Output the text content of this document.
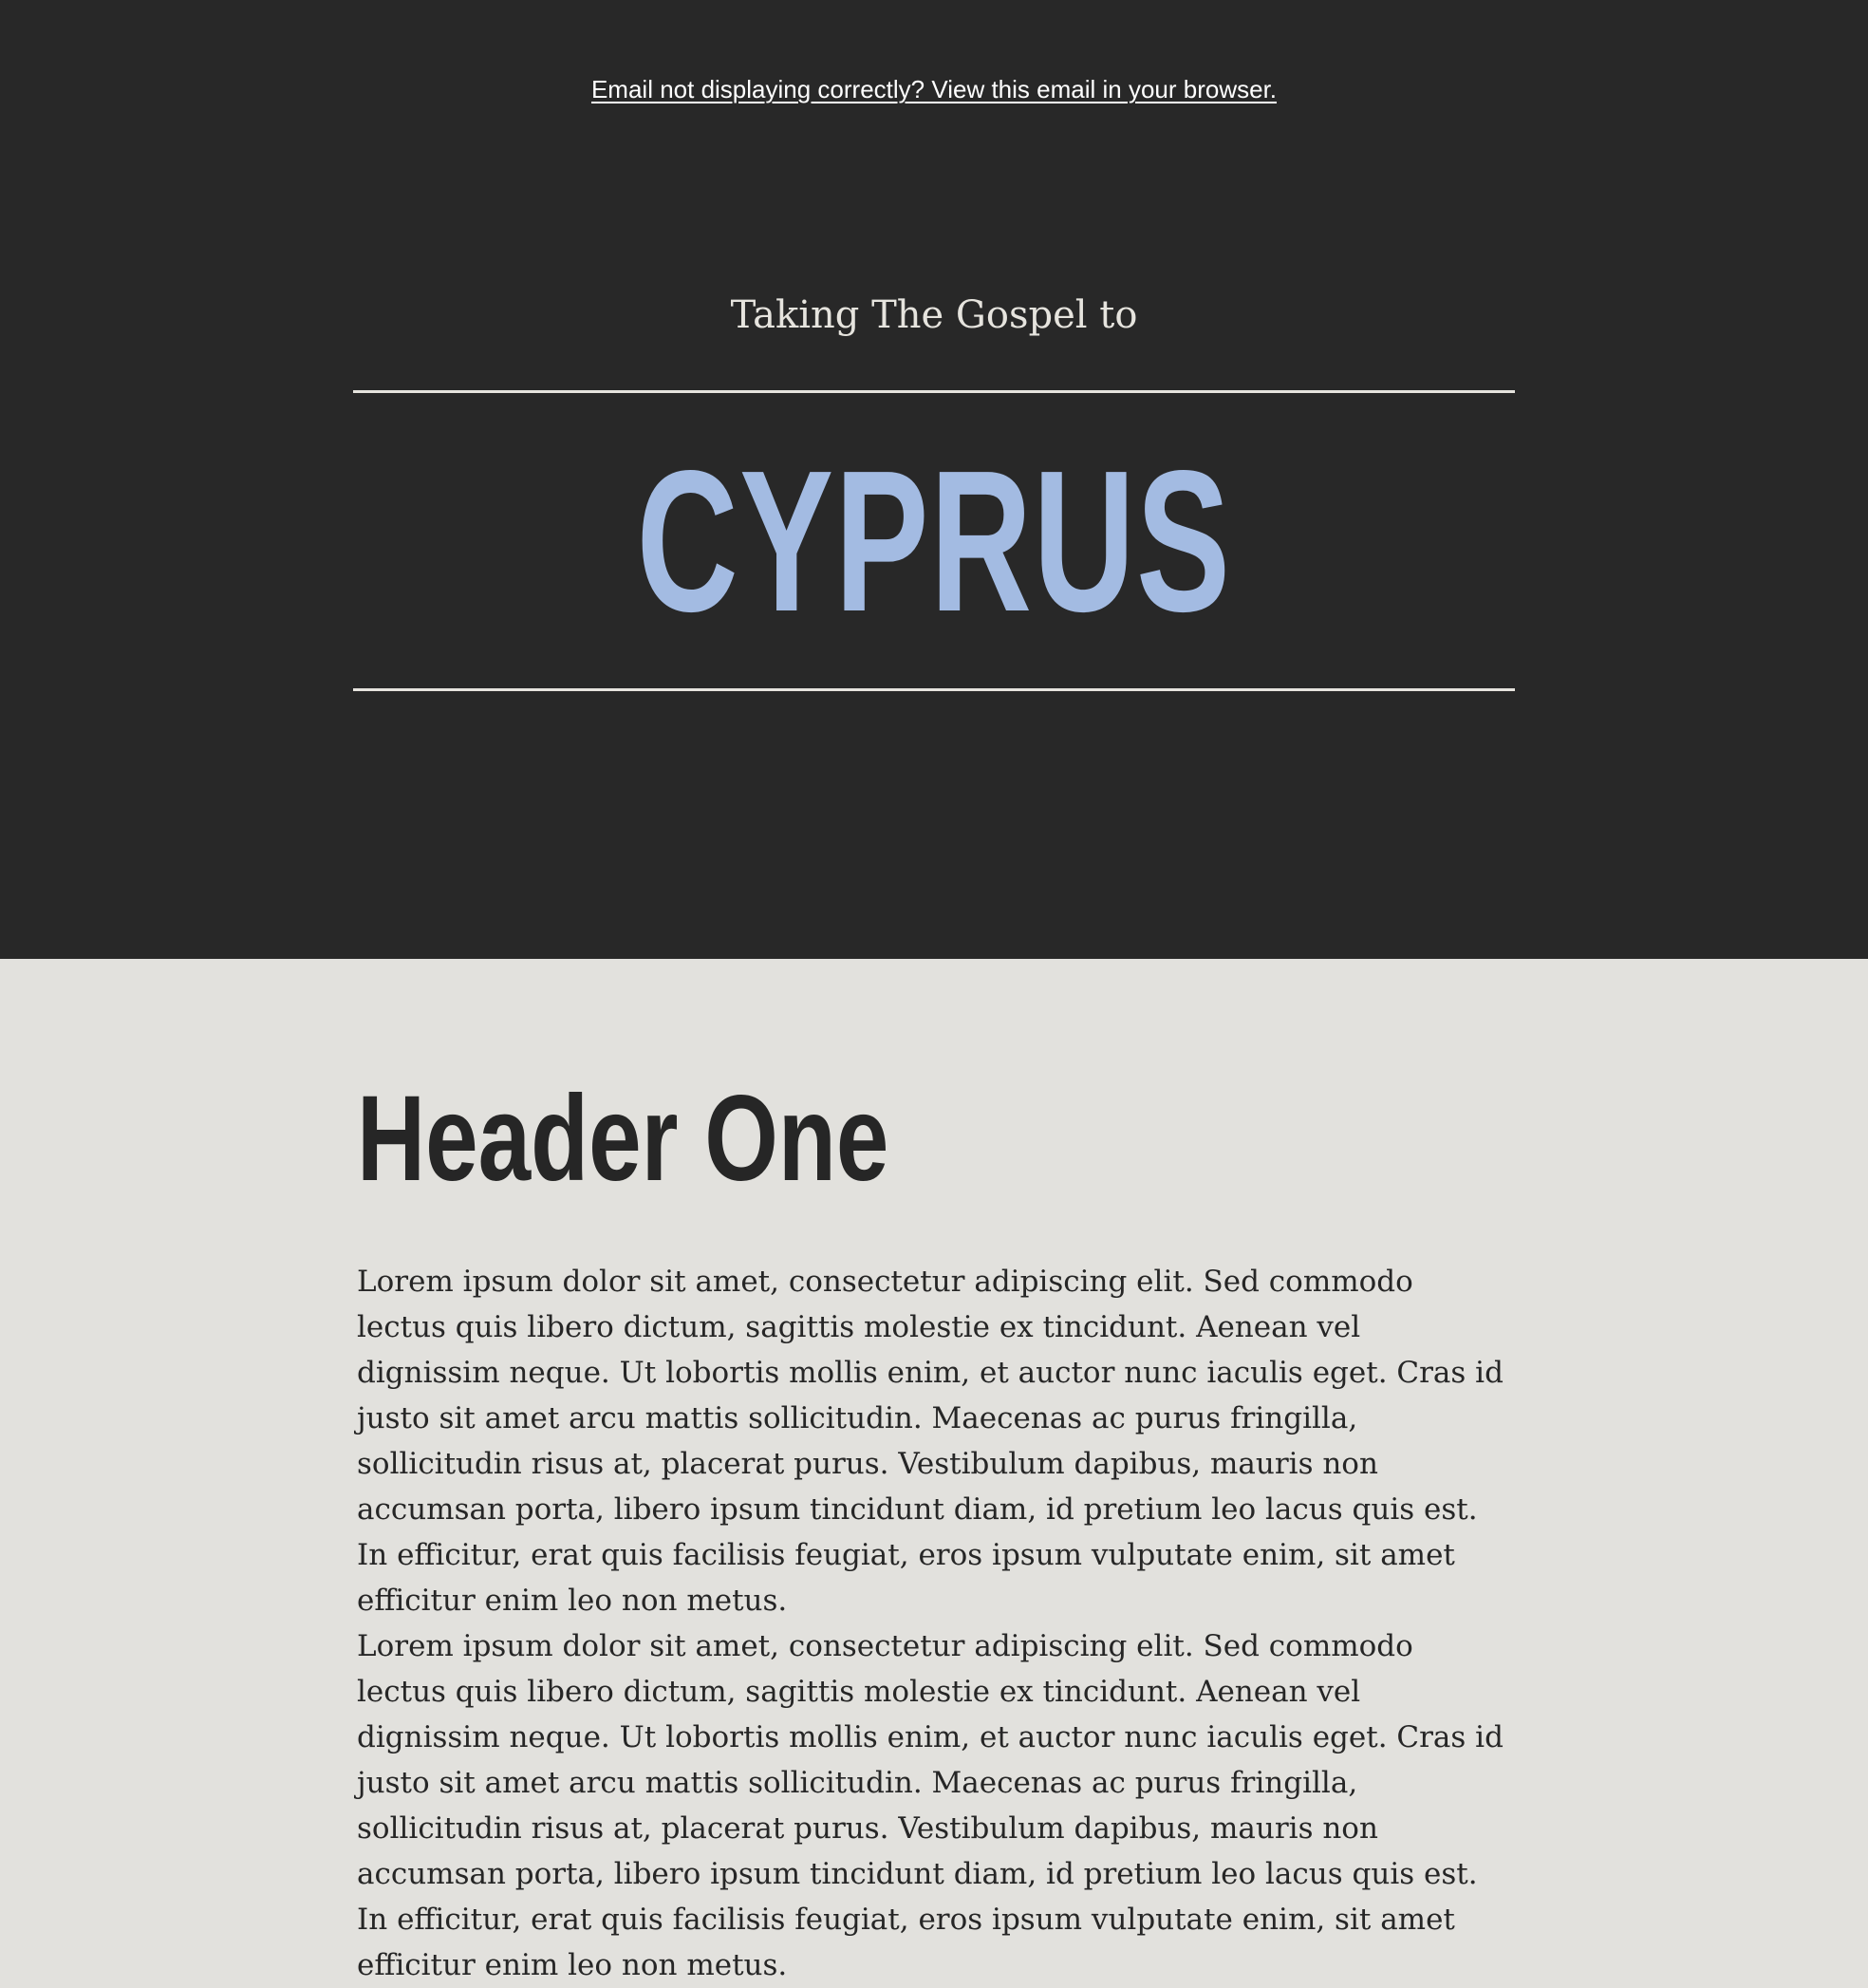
Email not displaying correctly? View this email in your browser.
Taking The Gospel to
CYPRUS
Header One

Lorem ipsum dolor sit amet, consectetur adipiscing elit. Sed commodo lectus quis libero dictum, sagittis molestie ex tincidunt. Aenean vel dignissim neque. Ut lobortis mollis enim, et auctor nunc iaculis eget. Cras id justo sit amet arcu mattis sollicitudin. Maecenas ac purus fringilla, sollicitudin risus at, placerat purus. Vestibulum dapibus, mauris non accumsan porta, libero ipsum tincidunt diam, id pretium leo lacus quis est. In efficitur, erat quis facilisis feugiat, eros ipsum vulputate enim, sit amet efficitur enim leo non metus.

Lorem ipsum dolor sit amet, consectetur adipiscing elit. Sed commodo lectus quis libero dictum, sagittis molestie ex tincidunt. Aenean vel dignissim neque. Ut lobortis mollis enim, et auctor nunc iaculis eget. Cras id justo sit amet arcu mattis sollicitudin. Maecenas ac purus fringilla, sollicitudin risus at, placerat purus. Vestibulum dapibus, mauris non accumsan porta, libero ipsum tincidunt diam, id pretium leo lacus quis est. In efficitur, erat quis facilisis feugiat, eros ipsum vulputate enim, sit amet efficitur enim leo non metus.
